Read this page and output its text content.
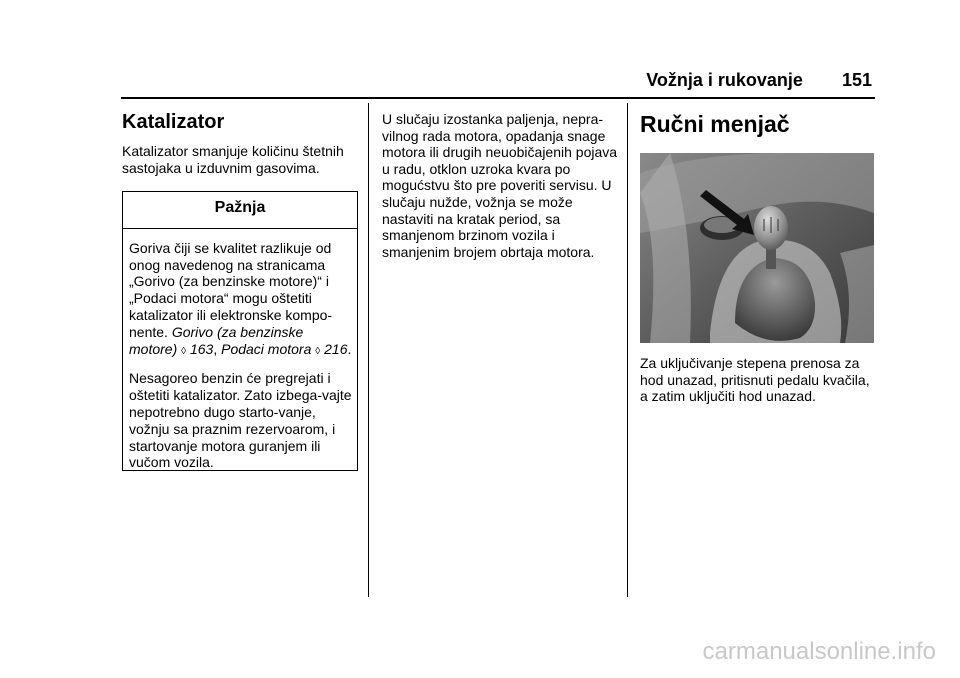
Vožnja i rukovanje 151
Katalizator

Katalizator smanjuje količinu štetnih sastojaka u izduvnim gasovima.

Pažnja

Goriva čiji se kvalitet razlikuje od onog navedenog na stranicama „Gorivo (za benzinske motore)“ i „Podaci motora“ mogu oštetiti katalizator ili elektronske kompo-nente. Gorivo (za benzinske motore) ◊ 163, Podaci motora ◊ 216.

Nesagoreo benzin će pregrejati i oštetiti katalizator. Zato izbega-vajte nepotrebno dugo starto-vanje, vožnju sa praznim rezervoarom, i startovanje motora guranjem ili vučom vozila.

U slučaju izostanka paljenja, nepra-vilnog rada motora, opadanja snage motora ili drugih neuobičajenih pojava u radu, otklon uzroka kvara po mogućstvu što pre poveriti servisu. U slučaju nužde, vožnja se može nastaviti na kratak period, sa smanjenom brzinom vozila i smanjenim brojem obrtaja motora.

Ručni menjač

Za uključivanje stepena prenosa za hod unazad, pritisnuti pedalu kvačila, a zatim uključiti hod unazad.

carmanualsonline.info
